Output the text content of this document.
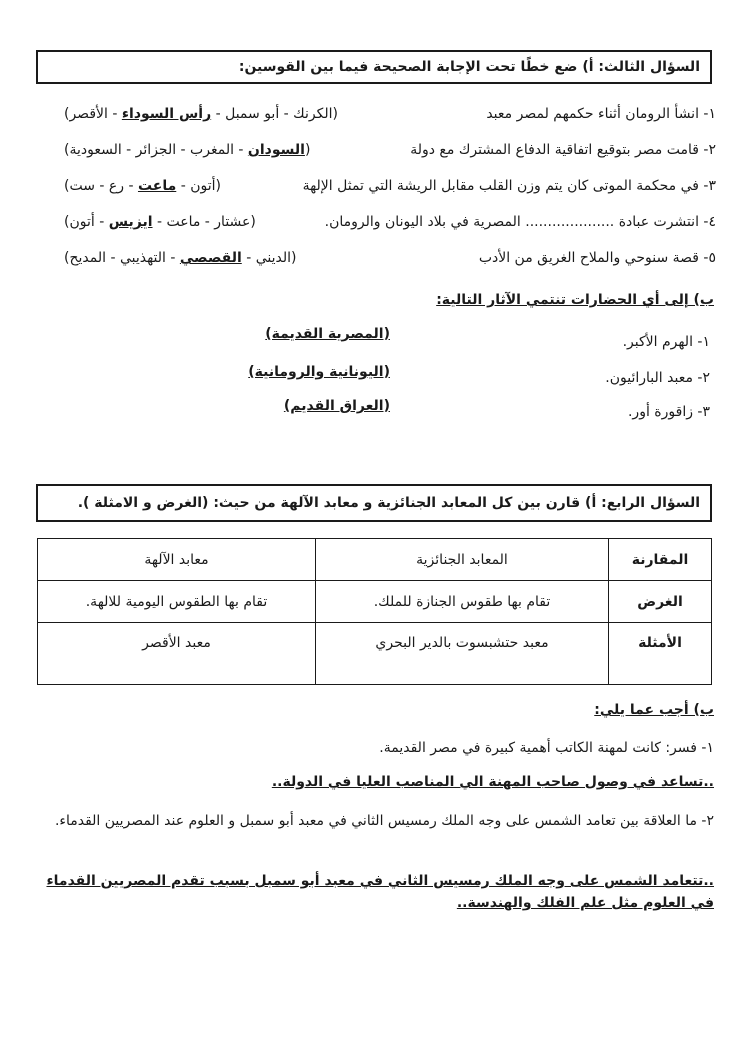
السؤال الثالث: أ) ضع خطًا تحت الإجابة الصحيحة فيما بين القوسين:
١- انشأ الرومان أثناء حكمهم لمصر معبد
(الكرنك - أبو سمبل - رأس السوداء - الأقصر)
٢- قامت مصر بتوقيع اتفاقية الدفاع المشترك مع دولة
(السودان - المغرب - الجزائر - السعودية)
٣- في محكمة الموتى كان يتم وزن القلب مقابل الريشة التي تمثل الإلهة
(أتون - ماعت - رع - ست)
٤- انتشرت عبادة .................... المصرية في بلاد اليونان والرومان.
(عشتار - ماعت - ايزيس - أتون)
٥- قصة سنوحي والملاح الغريق من الأدب
(الديني - القصصي - التهذيبي - المديح)
ب) إلى أي الحضارات تنتمي الآثار التالية:
١- الهرم الأكبر.
(المصرية القديمة)
٢- معبد البارائيون.
(اليونانية والرومانية)
٣- زاقورة أور.
(العراق القديم)
السؤال الرابع: أ) قارن بين كل المعابد الجنائزية و معابد الآلهة من حيث: (الغرض و الامثلة ).
المقارنة	المعابد الجنائزية	معابد الآلهة
الغرض	تقام بها طقوس الجنازة للملك.	تقام بها الطقوس اليومية للالهة.
الأمثلة	معبد حتشبسوت بالدير البحري	معبد الأقصر
ب) أجب عما يلي:
١- فسر: كانت لمهنة الكاتب أهمية كبيرة في مصر القديمة.
..تساعد في وصول صاحب المهنة الي المناصب العليا في الدولة..
٢- ما العلاقة بين تعامد الشمس على وجه الملك رمسيس الثاني في معبد أبو سمبل و العلوم عند المصريين القدماء.
..تتعامد الشمس على وجه الملك رمسيس الثاني في معبد أبو سمبل بسبب تقدم المصريين القدماء في العلوم مثل علم الفلك والهندسة..
